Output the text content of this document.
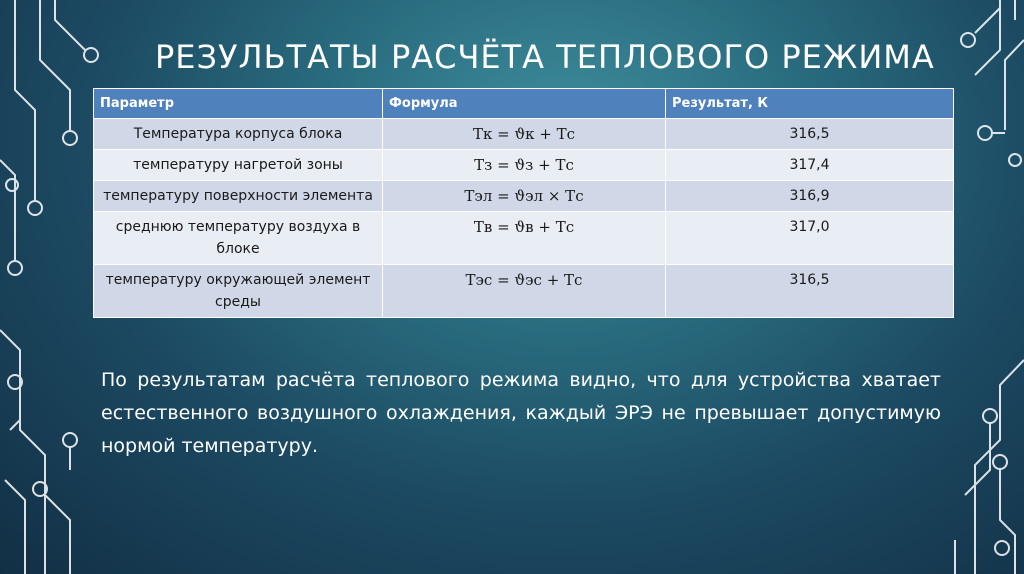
РЕЗУЛЬТАТЫ РАСЧЁТА ТЕПЛОВОГО РЕЖИМА
Параметр	Формула	Результат, К
Температура корпуса блока	Tк = ϑк + Tс	316,5
температуру нагретой зоны	Тз = ϑз + Тс	317,4
температуру поверхности элемента	Tэл = ϑэл × Tс	316,9
среднюю температуру воздуха в блоке	Тв = ϑв + Тс	317,0
температуру окружающей элемент среды	Tэс = ϑэс + Тс	316,5
По результатам расчёта теплового режима видно, что для устройства хватает естественного воздушного охлаждения, каждый ЭРЭ не превышает допустимую нормой температуру.
